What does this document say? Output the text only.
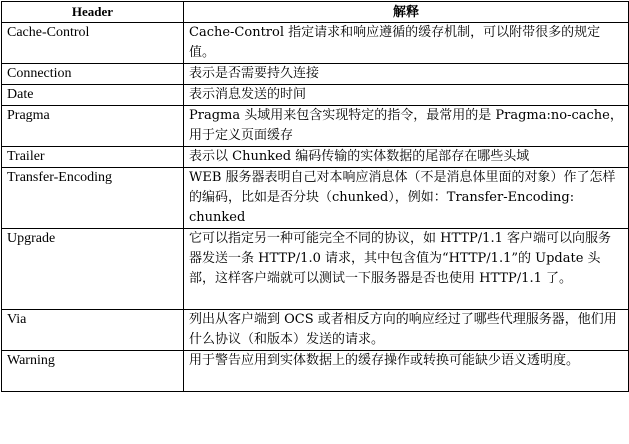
Header	解释
Cache-Control	Cache-Control 指定请求和响应遵循的缓存机制，可以附带很多的规定值。
Connection	表示是否需要持久连接
Date	表示消息发送的时间
Pragma	Pragma 头域用来包含实现特定的指令，最常用的是 Pragma:no-cache，用于定义页面缓存
Trailer	表示以 Chunked 编码传输的实体数据的尾部存在哪些头域
Transfer-Encoding	WEB 服务器表明自己对本响应消息体（不是消息体里面的对象）作了怎样的编码，比如是否分块（chunked），例如：Transfer-Encoding: chunked
Upgrade	它可以指定另一种可能完全不同的协议，如 HTTP/1.1 客户端可以向服务器发送一条 HTTP/1.0 请求，其中包含值为“HTTP/1.1”的 Update 头部，这样客户端就可以测试一下服务器是否也使用 HTTP/1.1 了。
Via	列出从客户端到 OCS 或者相反方向的响应经过了哪些代理服务器，他们用什么协议（和版本）发送的请求。
Warning	用于警告应用到实体数据上的缓存操作或转换可能缺少语义透明度。
